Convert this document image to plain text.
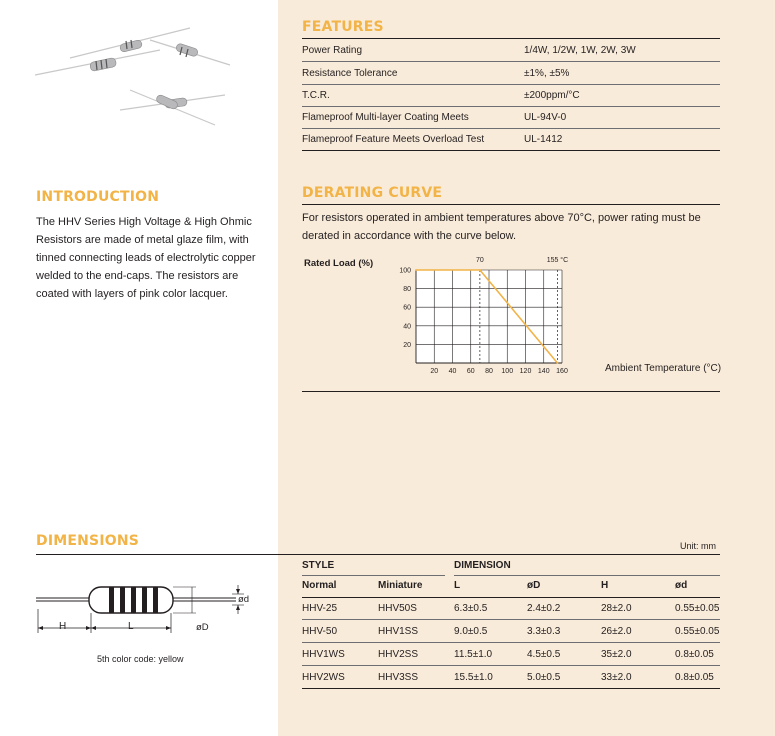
FEATURES
Power Rating	1/4W, 1/2W, 1W, 2W, 3W
Resistance Tolerance	±1%, ±5%
T.C.R.	±200ppm/°C
Flameproof Multi-layer Coating Meets	UL-94V-0
Flameproof Feature Meets Overload Test	UL-1412
INTRODUCTION
The HHV Series High Voltage & High Ohmic Resistors are made of metal glaze film, with tinned connecting leads of electrolytic copper welded to the end-caps. The resistors are coated with layers of pink color lacquer.
DERATING CURVE
For resistors operated in ambient temperatures above 70°C, power rating must be derated in accordance with the curve below.
Rated Load (%)
Ambient Temperature (°C)
20 40 60 80 100 120 140 160
20
40
60
80
100
70	155 °C
DIMENSIONS	Unit: mm
ød
øD
H	L
5th color code: yellow
STYLE	DIMENSION
Normal	Miniature	L	øD	H	ød
HHV-25	HHV50S	6.3±0.5	2.4±0.2	28±2.0	0.55±0.05
HHV-50	HHV1SS	9.0±0.5	3.3±0.3	26±2.0	0.55±0.05
HHV1WS	HHV2SS	11.5±1.0	4.5±0.5	35±2.0	0.8±0.05
HHV2WS	HHV3SS	15.5±1.0	5.0±0.5	33±2.0	0.8±0.05
